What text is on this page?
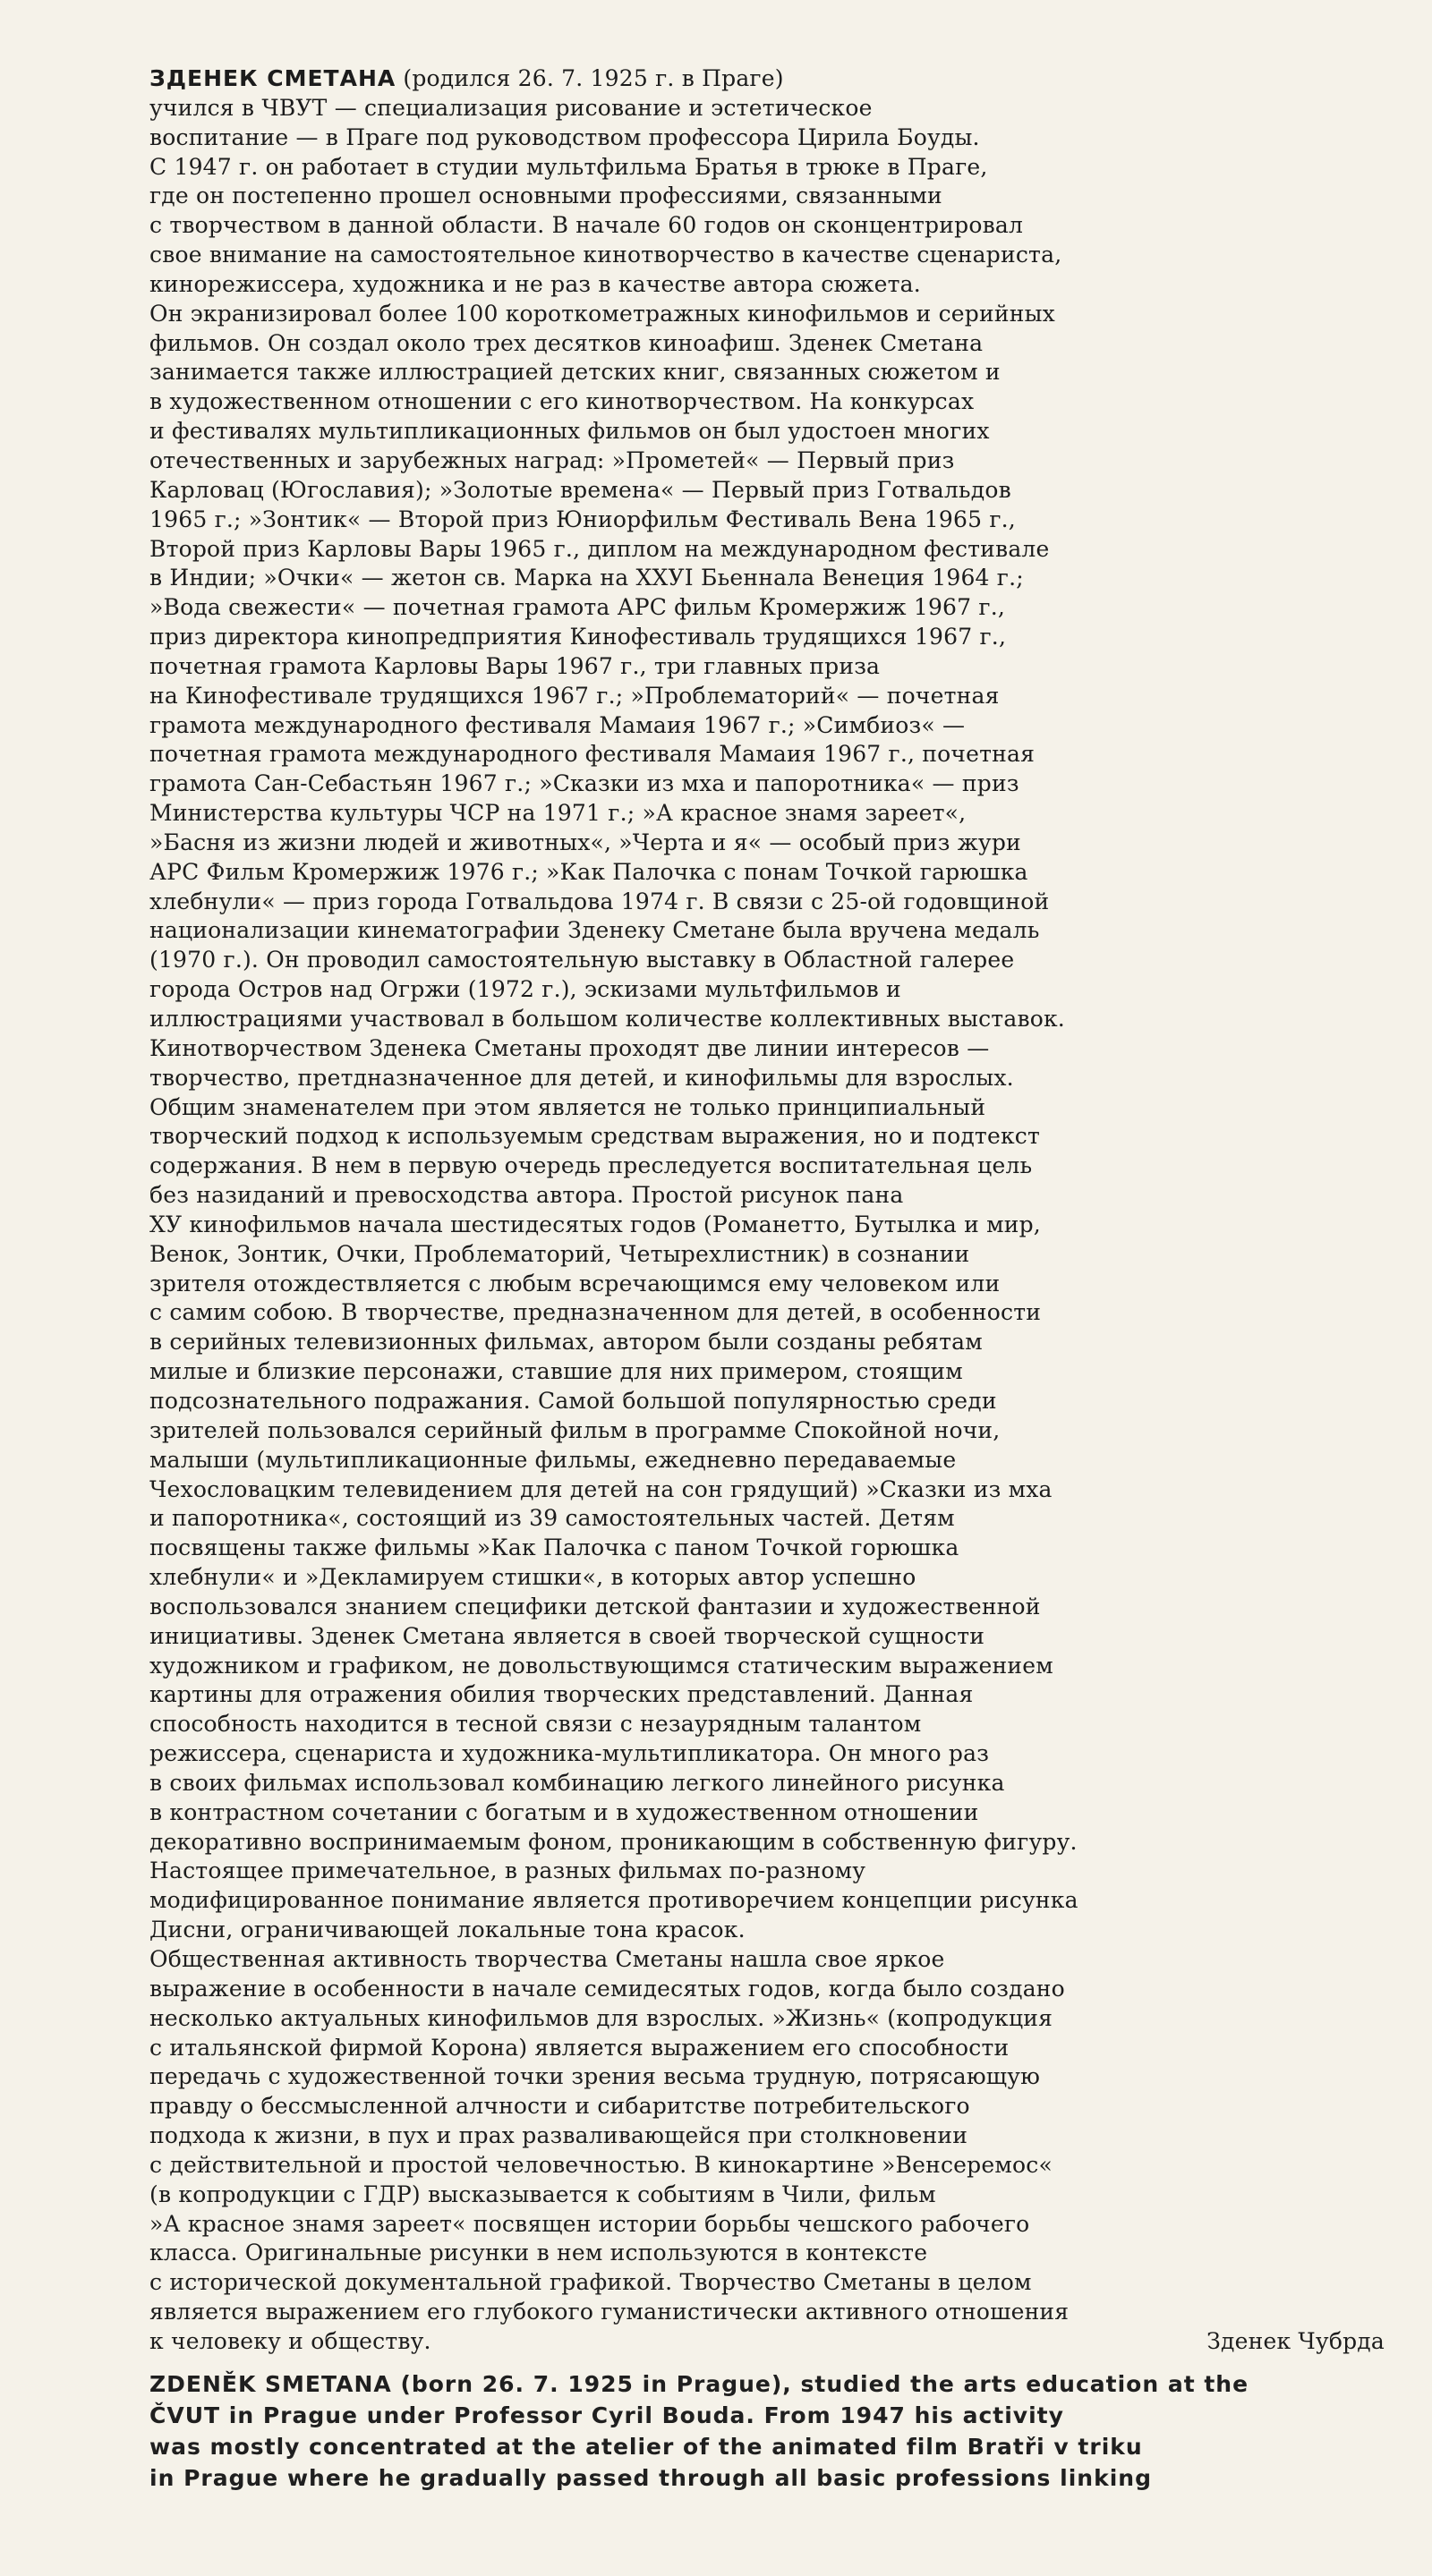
ЗДЕНЕК СМЕТАНА (родился 26. 7. 1925 г. в Праге)
учился в ЧВУТ — специализация рисование и эстетическое
воспитание — в Праге под руководством профессора Цирила Боуды.
С 1947 г. он работает в студии мультфильма Братья в трюке в Праге,
где он постепенно прошел основными профессиями, связанными
с творчеством в данной области. В начале 60 годов он сконцентрировал
свое внимание на самостоятельное кинотворчество в качестве сценариста,
кинорежиссера, художника и не раз в качестве автора сюжета.
Он экранизировал более 100 короткометражных кинофильмов и серийных
фильмов. Он создал около трех десятков киноафиш. Зденек Сметана
занимается также иллюстрацией детских книг, связанных сюжетом и
в художественном отношении с его кинотворчеством. На конкурсах
и фестивалях мультипликационных фильмов он был удостоен многих
отечественных и зарубежных наград: »Прометей« — Первый приз
Карловац (Югославия); »Золотые времена« — Первый приз Готвальдов
1965 г.; »Зонтик« — Второй приз Юниорфильм Фестиваль Вена 1965 г.,
Второй приз Карловы Вары 1965 г., диплом на международном фестивале
в Индии; »Очки« — жетон св. Марка на XXУI Бьеннала Венеция 1964 г.;
»Вода свежести« — почетная грамота АРС фильм Кромержиж 1967 г.,
приз директора кинопредприятия Кинофестиваль трудящихся 1967 г.,
почетная грамота Карловы Вары 1967 г., три главных приза
на Кинофестивале трудящихся 1967 г.; »Проблематорий« — почетная
грамота международного фестиваля Мамаия 1967 г.; »Симбиоз« —
почетная грамота международного фестиваля Мамаия 1967 г., почетная
грамота Сан-Себастьян 1967 г.; »Сказки из мха и папоротника« — приз
Министерства культуры ЧСР на 1971 г.; »А красное знамя зареет«,
»Басня из жизни людей и животных«, »Черта и я« — особый приз жури
АРС Фильм Кромержиж 1976 г.; »Как Палочка с понам Точкой гарюшка
хлебнули« — приз города Готвальдова 1974 г. В связи с 25-ой годовщиной
национализации кинематографии Зденеку Сметане была вручена медаль
(1970 г.). Он проводил самостоятельную выставку в Областной галерее
города Остров над Огржи (1972 г.), эскизами мультфильмов и
иллюстрациями участвовал в большом количестве коллективных выставок.
Кинотворчеством Зденека Сметаны проходят две линии интересов —
творчество, претдназначенное для детей, и кинофильмы для взрослых.
Общим знаменателем при этом является не только принципиальный
творческий подход к используемым средствам выражения, но и подтекст
содержания. В нем в первую очередь преследуется воспитательная цель
без назиданий и превосходства автора. Простой рисунок пана
XУ кинофильмов начала шестидесятых годов (Романетто, Бутылка и мир,
Венок, Зонтик, Очки, Проблематорий, Четырехлистник) в сознании
зрителя отождествляется с любым всречающимся ему человеком или
с самим собою. В творчестве, предназначенном для детей, в особенности
в серийных телевизионных фильмах, автором были созданы ребятам
милые и близкие персонажи, ставшие для них примером, стоящим
подсознательного подражания. Самой большой популярностью среди
зрителей пользовался серийный фильм в программе Спокойной ночи,
малыши (мультипликационные фильмы, ежедневно передаваемые
Чехословацким телевидением для детей на сон грядущий) »Сказки из мха
и папоротника«, состоящий из 39 самостоятельных частей. Детям
посвящены также фильмы »Как Палочка с паном Точкой горюшка
хлебнули« и »Декламируем стишки«, в которых автор успешно
воспользовался знанием специфики детской фантазии и художественной
инициативы. Зденек Сметана является в своей творческой сущности
художником и графиком, не довольствующимся статическим выражением
картины для отражения обилия творческих представлений. Данная
способность находится в тесной связи с незаурядным талантом
режиссера, сценариста и художника-мультипликатора. Он много раз
в своих фильмах использовал комбинацию легкого линейного рисунка
в контрастном сочетании с богатым и в художественном отношении
декоративно воспринимаемым фоном, проникающим в собственную фигуру.
Настоящее примечательное, в разных фильмах по-разному
модифицированное понимание является противоречием концепции рисунка
Дисни, ограничивающей локальные тона красок.
Общественная активность творчества Сметаны нашла свое яркое
выражение в особенности в начале семидесятых годов, когда было создано
несколько актуальных кинофильмов для взрослых. »Жизнь« (копродукция
с итальянской фирмой Корона) является выражением его способности
передачь с художественной точки зрения весьма трудную, потрясающую
правду о бессмысленной алчности и сибаритстве потребительского
подхода к жизни, в пух и прах разваливающейся при столкновении
с действительной и простой человечностью. В кинокартине »Венсеремос«
(в копродукции с ГДР) высказывается к событиям в Чили, фильм
»А красное знамя зареет« посвящен истории борьбы чешского рабочего
класса. Оригинальные рисунки в нем используются в контексте
с исторической документальной графикой. Творчество Сметаны в целом
является выражением его глубокого гуманистически активного отношения
к человеку и обществу.	Зденек Чубрда
ZDENĚK SMETANA (born 26. 7. 1925 in Prague), studied the arts education at the
ČVUT in Prague under Professor Cyril Bouda. From 1947 his activity
was mostly concentrated at the atelier of the animated film Bratři v triku
in Prague where he gradually passed through all basic professions linking
